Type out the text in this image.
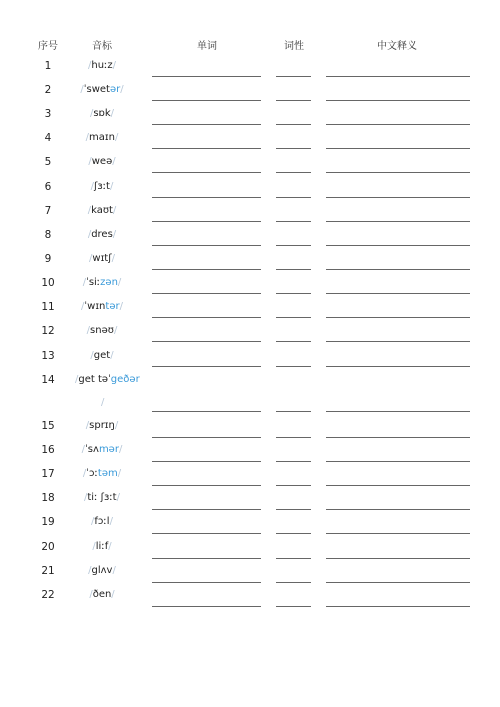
序号	音标	单词	词性	中文释义
1	/huːz/
2	/ˈswetər/
3	/sɒk/
4	/maɪn/
5	/weə/
6	/ʃɜːt/
7	/kaʊt/
8	/dres/
9	/wɪtʃ/
10	/ˈsiːzən/
11	/ˈwɪntər/
12	/snəʊ/
13	/get/
14 /get təˈgeðər
/
15	/sprɪŋ/
16	/ˈsʌmər/
17	/ˈɔːtəm/
18	/tiː ʃɜːt/
19	/fɔːl/
20	/liːf/
21	/glʌv/
22	/ðen/
